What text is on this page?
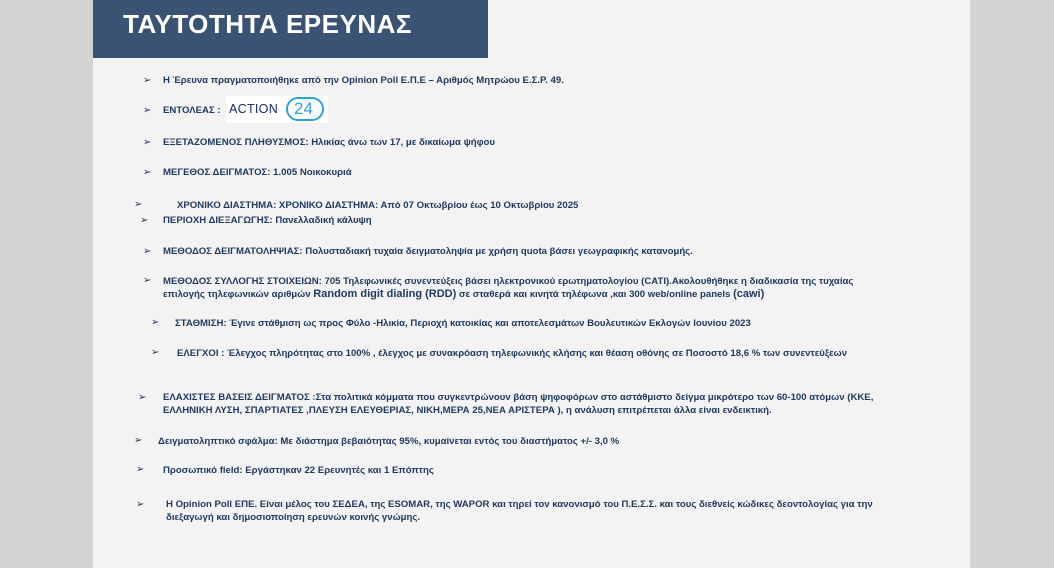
ΤΑΥΤΟΤΗΤΑ ΕΡΕΥΝΑΣ
➢ Η Έρευνα πραγματοποιήθηκε από την Opinion Poll Ε.Π.Ε – Αριθμός Μητρώου Ε.Σ.Ρ. 49.
➢ ΕΝΤΟΛΕΑΣ : ACTION 24
➢ ΕΞΕΤΑΖΟΜΕΝΟΣ ΠΛΗΘΥΣΜΟΣ: Ηλικίας άνω των 17, με δικαίωμα ψήφου
➢ ΜΕΓΕΘΟΣ ΔΕΙΓΜΑΤΟΣ: 1.005 Νοικοκυριά
➢	ΧΡΟΝΙΚΟ ΔΙΑΣΤΗΜΑ: ΧΡΟΝΙΚΟ ΔΙΑΣΤΗΜΑ: Από 07 Οκτωβρίου έως 10 Οκτωβρίου 2025
➢ ΠΕΡΙΟΧΗ ΔΙΕΞΑΓΩΓΗΣ: Πανελλαδική κάλυψη
➢ ΜΕΘΟΔΟΣ ΔΕΙΓΜΑΤΟΛΗΨΙΑΣ: Πολυσταδιακή τυχαία δειγματοληψία με χρήση quota βάσει γεωγραφικής κατανομής.
➢ ΜΕΘΟΔΟΣ ΣΥΛΛΟΓΗΣ ΣΤΟΙΧΕΙΩΝ: 705 Τηλεφωνικές συνεντεύξεις βάσει ηλεκτρονικού ερωτηματολογίου (CATI).Ακολουθήθηκε η διαδικασία της τυχαίας
επιλογής τηλεφωνικών αριθμών Random digit dialing (RDD) σε σταθερά και κινητά τηλέφωνα ,και 300 web/online panels (cawi)
➢ ΣΤΑΘΜΙΣΗ: Έγινε στάθμιση ως προς Φύλο -Ηλικία, Περιοχή κατοικίας και αποτελεσμάτων Βουλευτικών Εκλογών Ιουνίου 2023
➢ ΕΛΕΓΧΟΙ : Έλεγχος πληρότητας στο 100% , έλεγχος με συνακρόαση τηλεφωνικής κλήσης και θέαση οθόνης σε Ποσοστό 18,6 % των συνεντεύξεων
➢ ΕΛΑΧΙΣΤΕΣ ΒΑΣΕΙΣ ΔΕΙΓΜΑΤΟΣ :Στα πολιτικά κόμματα που συγκεντρώνουν βάση ψηφοφόρων στο αστάθμιστο δείγμα μικρότερο των 60-100 ατόμων (ΚΚΕ,
ΕΛΛΗΝΙΚΗ ΛΥΣΗ, ΣΠΑΡΤΙΑΤΕΣ ,ΠΛΕΥΣΗ ΕΛΕΥΘΕΡΙΑΣ, ΝΙΚΗ,ΜΕΡΑ 25,ΝΕΑ ΑΡΙΣΤΕΡΑ ), η ανάλυση επιτρέπεται άλλα είναι ενδεικτική.
➢ Δειγματοληπτικό σφάλμα: Με διάστημα βεβαιότητας 95%, κυμαίνεται εντός του διαστήματος +/- 3,0 %
➢ Προσωπικό field: Εργάστηκαν 22 Ερευνητές και 1 Επόπτης
➢ Η Opinion Poll ΕΠΕ. Είναι μέλος του ΣΕΔΕΑ, της ESOMAR, της WAPOR και τηρεί τον κανονισμό του Π.Ε.Σ.Σ. και τους διεθνείς κώδικες δεοντολογίας για την
διεξαγωγή και δημοσιοποίηση ερευνών κοινής γνώμης.
